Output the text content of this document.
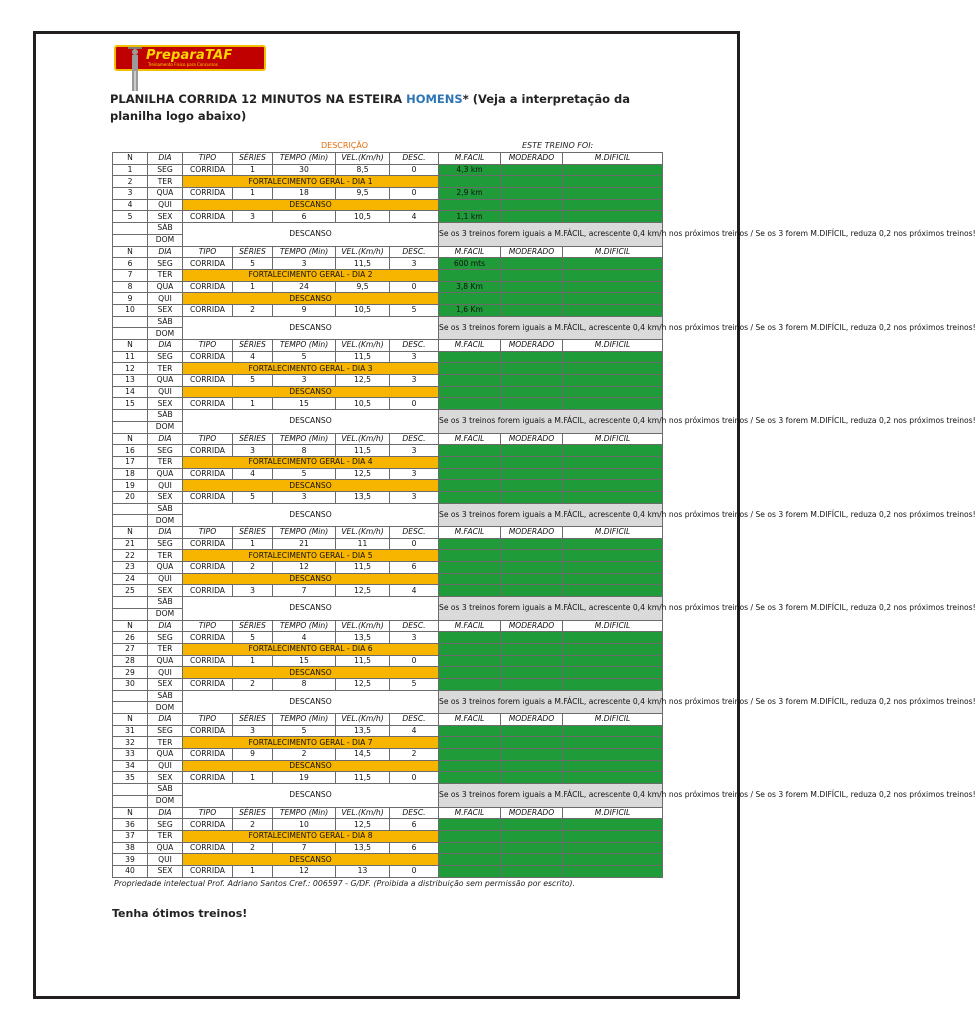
PreparaTAF
Treinamento Físico para Concursos
PLANILHA CORRIDA 12 MINUTOS NA ESTEIRA HOMENS* (Veja a interpretação da planilha logo abaixo)
DESCRIÇÃO	ESTE TREINO FOI:
N	DIA	TIPO	SÉRIES	TEMPO (Min)	VEL.(Km/h)	DESC.	M.FACIL	MODERADO	M.DIFICIL
1	SEG	CORRIDA	1	30	8,5	0	4,3 km		
2	TER	FORTALECIMENTO GERAL - DIA 1							
3	QUA	CORRIDA	1	18	9,5	0	2,9 km		
4	QUI	DESCANSO							
5	SEX	CORRIDA	3	6	10,5	4	1,1 km		
	SÁB	DESCANSO					Se os 3 treinos forem iguais a M.FÁCIL, acrescente 0,4 km/h nos próximos treinos / Se os 3 forem M.DIFÍCIL, reduza 0,2 nos próximos treinos!		
	DOM								
N	DIA	TIPO	SÉRIES	TEMPO (Min)	VEL.(Km/h)	DESC.	M.FACIL	MODERADO	M.DIFICIL
6	SEG	CORRIDA	5	3	11,5	3	600 mts		
7	TER	FORTALECIMENTO GERAL - DIA 2							
8	QUA	CORRIDA	1	24	9,5	0	3,8 Km		
9	QUI	DESCANSO							
10	SEX	CORRIDA	2	9	10,5	5	1,6 Km		
	SÁB	DESCANSO					Se os 3 treinos forem iguais a M.FÁCIL, acrescente 0,4 km/h nos próximos treinos / Se os 3 forem M.DIFÍCIL, reduza 0,2 nos próximos treinos!		
	DOM								
N	DIA	TIPO	SÉRIES	TEMPO (Min)	VEL.(Km/h)	DESC.	M.FACIL	MODERADO	M.DIFICIL
11	SEG	CORRIDA	4	5	11,5	3			
12	TER	FORTALECIMENTO GERAL - DIA 3							
13	QUA	CORRIDA	5	3	12,5	3			
14	QUI	DESCANSO							
15	SEX	CORRIDA	1	15	10,5	0			
	SÁB	DESCANSO					Se os 3 treinos forem iguais a M.FÁCIL, acrescente 0,4 km/h nos próximos treinos / Se os 3 forem M.DIFÍCIL, reduza 0,2 nos próximos treinos!		
	DOM								
N	DIA	TIPO	SÉRIES	TEMPO (Min)	VEL.(Km/h)	DESC.	M.FACIL	MODERADO	M.DIFICIL
16	SEG	CORRIDA	3	8	11,5	3			
17	TER	FORTALECIMENTO GERAL - DIA 4							
18	QUA	CORRIDA	4	5	12,5	3			
19	QUI	DESCANSO							
20	SEX	CORRIDA	5	3	13,5	3			
	SÁB	DESCANSO					Se os 3 treinos forem iguais a M.FÁCIL, acrescente 0,4 km/h nos próximos treinos / Se os 3 forem M.DIFÍCIL, reduza 0,2 nos próximos treinos!		
	DOM								
N	DIA	TIPO	SÉRIES	TEMPO (Min)	VEL.(Km/h)	DESC.	M.FACIL	MODERADO	M.DIFICIL
21	SEG	CORRIDA	1	21	11	0			
22	TER	FORTALECIMENTO GERAL - DIA 5							
23	QUA	CORRIDA	2	12	11,5	6			
24	QUI	DESCANSO							
25	SEX	CORRIDA	3	7	12,5	4			
	SÁB	DESCANSO					Se os 3 treinos forem iguais a M.FÁCIL, acrescente 0,4 km/h nos próximos treinos / Se os 3 forem M.DIFÍCIL, reduza 0,2 nos próximos treinos!		
	DOM								
N	DIA	TIPO	SÉRIES	TEMPO (Min)	VEL.(Km/h)	DESC.	M.FACIL	MODERADO	M.DIFICIL
26	SEG	CORRIDA	5	4	13,5	3			
27	TER	FORTALECIMENTO GERAL - DIA 6							
28	QUA	CORRIDA	1	15	11,5	0			
29	QUI	DESCANSO							
30	SEX	CORRIDA	2	8	12,5	5			
	SÁB	DESCANSO					Se os 3 treinos forem iguais a M.FÁCIL, acrescente 0,4 km/h nos próximos treinos / Se os 3 forem M.DIFÍCIL, reduza 0,2 nos próximos treinos!		
	DOM								
N	DIA	TIPO	SÉRIES	TEMPO (Min)	VEL.(Km/h)	DESC.	M.FACIL	MODERADO	M.DIFICIL
31	SEG	CORRIDA	3	5	13,5	4			
32	TER	FORTALECIMENTO GERAL - DIA 7							
33	QUA	CORRIDA	9	2	14,5	2			
34	QUI	DESCANSO							
35	SEX	CORRIDA	1	19	11,5	0			
	SÁB	DESCANSO					Se os 3 treinos forem iguais a M.FÁCIL, acrescente 0,4 km/h nos próximos treinos / Se os 3 forem M.DIFÍCIL, reduza 0,2 nos próximos treinos!		
	DOM								
N	DIA	TIPO	SÉRIES	TEMPO (Min)	VEL.(Km/h)	DESC.	M.FACIL	MODERADO	M.DIFICIL
36	SEG	CORRIDA	2	10	12,5	6			
37	TER	FORTALECIMENTO GERAL - DIA 8							
38	QUA	CORRIDA	2	7	13,5	6			
39	QUI	DESCANSO							
40	SEX	CORRIDA	1	12	13	0			
Propriedade intelectual Prof. Adriano Santos Cref.: 006597 - G/DF. (Proibida a distribuição sem permissão por escrito).
Tenha ótimos treinos!
